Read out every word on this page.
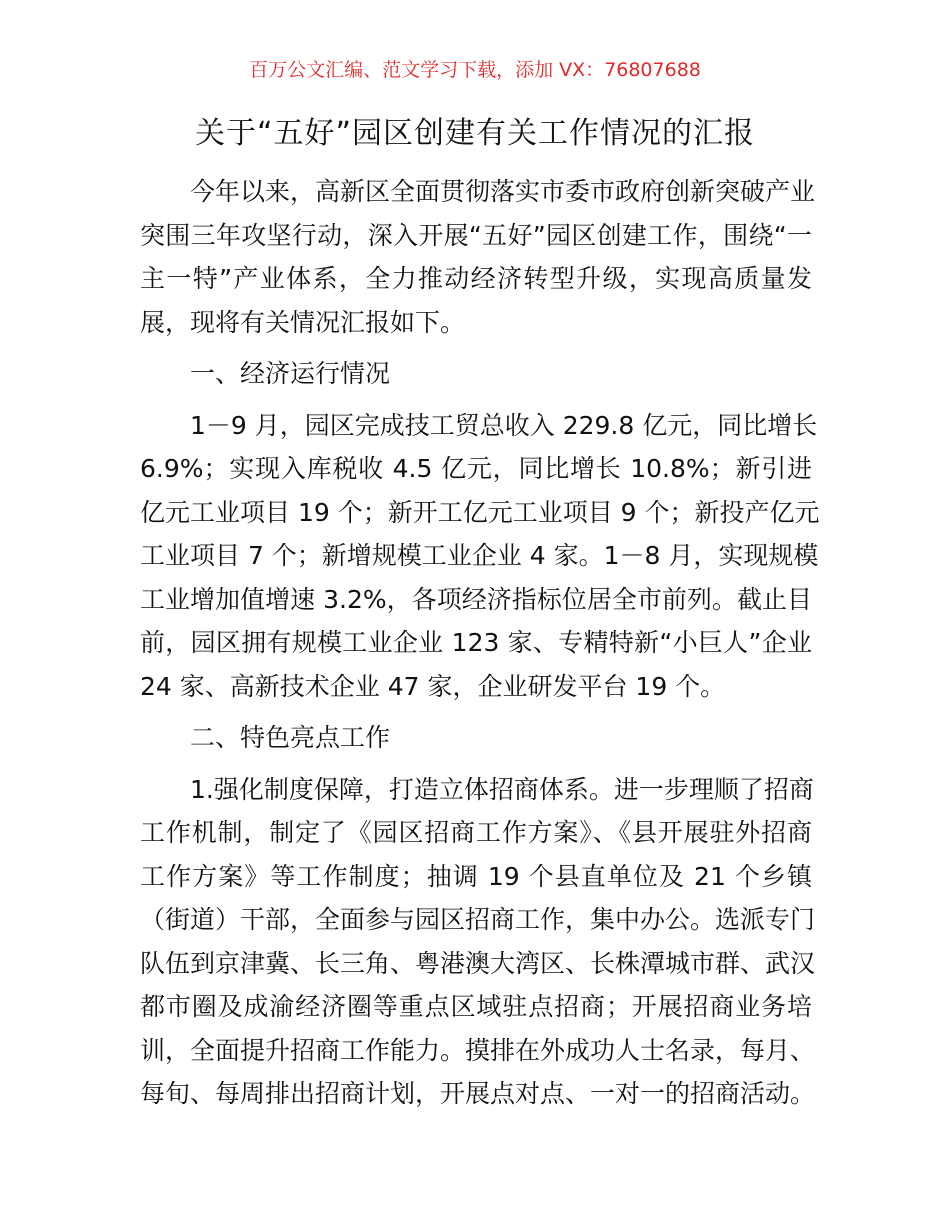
百万公文汇编、范文学习下载，添加 VX：76807688
关于“五好”园区创建有关工作情况的汇报
今年以来，高新区全面贯彻落实市委市政府创新突破产业
突围三年攻坚行动，深入开展“五好”园区创建工作，围绕“一
主一特”产业体系，全力推动经济转型升级，实现高质量发
展，现将有关情况汇报如下。
一、经济运行情况
1－9 月，园区完成技工贸总收入 229.8 亿元，同比增长
6.9%；实现入库税收 4.5 亿元，同比增长 10.8%；新引进
亿元工业项目 19 个；新开工亿元工业项目 9 个；新投产亿元
工业项目 7 个；新增规模工业企业 4 家。1－8 月，实现规模
工业增加值增速 3.2%，各项经济指标位居全市前列。截止目
前，园区拥有规模工业企业 123 家、专精特新“小巨人”企业
24 家、高新技术企业 47 家，企业研发平台 19 个。
二、特色亮点工作
1.强化制度保障，打造立体招商体系。进一步理顺了招商
工作机制，制定了《园区招商工作方案》、《县开展驻外招商
工作方案》等工作制度；抽调 19 个县直单位及 21 个乡镇
（街道）干部，全面参与园区招商工作，集中办公。选派专门
队伍到京津冀、长三角、粤港澳大湾区、长株潭城市群、武汉
都市圈及成渝经济圈等重点区域驻点招商；开展招商业务培
训，全面提升招商工作能力。摸排在外成功人士名录，每月、
每旬、每周排出招商计划，开展点对点、一对一的招商活动。
